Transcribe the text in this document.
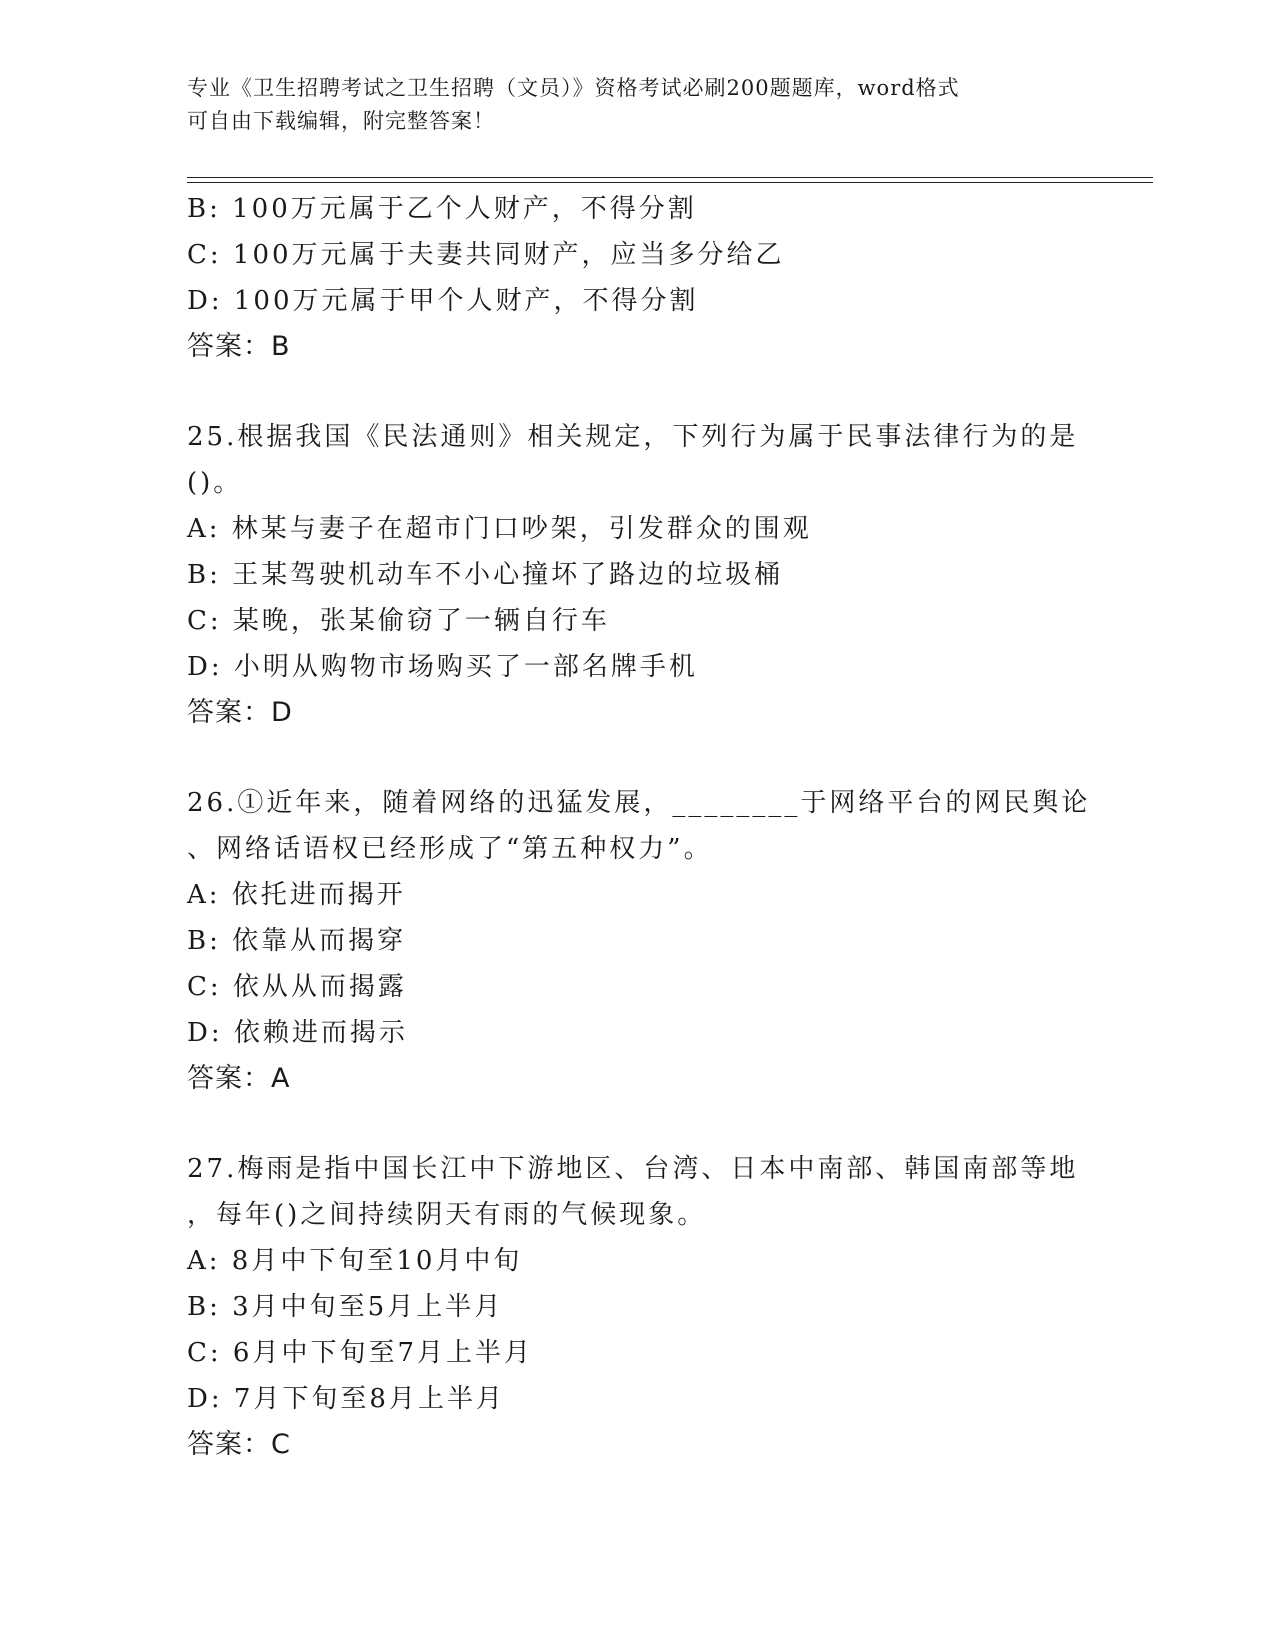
专业《卫生招聘考试之卫生招聘（文员）》资格考试必刷200题题库，word格式
可自由下载编辑，附完整答案！
B: 100万元属于乙个人财产，不得分割
C: 100万元属于夫妻共同财产，应当多分给乙
D: 100万元属于甲个人财产，不得分割
答案：B
25.根据我国《民法通则》相关规定，下列行为属于民事法律行为的是
()。
A: 林某与妻子在超市门口吵架，引发群众的围观
B: 王某驾驶机动车不小心撞坏了路边的垃圾桶
C: 某晚，张某偷窃了一辆自行车
D: 小明从购物市场购买了一部名牌手机
答案：D
26.①近年来，随着网络的迅猛发展，________于网络平台的网民舆论
、网络话语权已经形成了“第五种权力”。
A: 依托进而揭开
B: 依靠从而揭穿
C: 依从从而揭露
D: 依赖进而揭示
答案：A
27.梅雨是指中国长江中下游地区、台湾、日本中南部、韩国南部等地
，每年()之间持续阴天有雨的气候现象。
A: 8月中下旬至10月中旬
B: 3月中旬至5月上半月
C: 6月中下旬至7月上半月
D: 7月下旬至8月上半月
答案：C
